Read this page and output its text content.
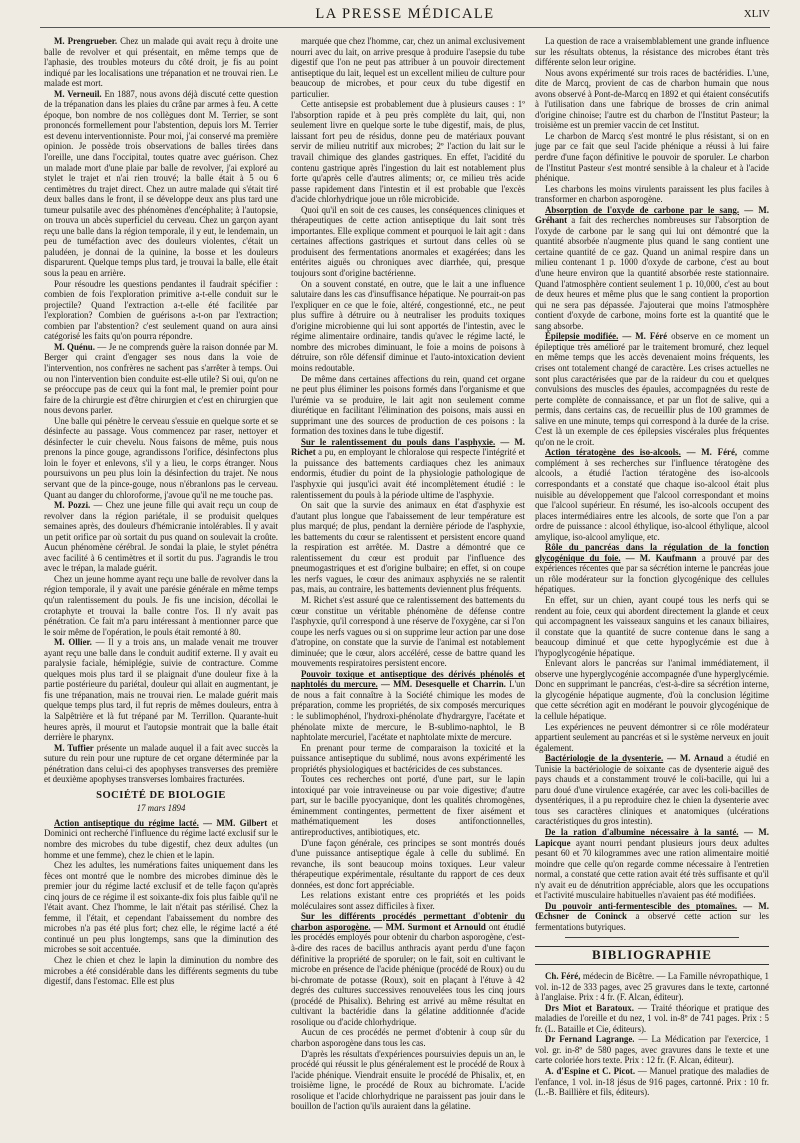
LA PRESSE MÉDICALE	XLIV

M. Prengrueber. Chez un malade qui avait reçu à droite une balle de revolver et qui présentait, en même temps que de l'aphasie, des troubles moteurs du côté droit, je fis au point indiqué par les localisations une trépanation et ne trouvai rien. Le malade est mort.

M. Verneuil. En 1887, nous avons déjà discuté cette question de la trépanation dans les plaies du crâne par armes à feu. A cette époque, bon nombre de nos collègues dont M. Terrier, se sont prononcés formellement pour l'abstention, depuis lors M. Terrier est devenu interventionniste. Pour moi, j'ai conservé ma première opinion. Je possède trois observations de balles tirées dans l'oreille, une dans l'occipital, toutes quatre avec guérison. Chez un malade mort d'une plaie par balle de revolver, j'ai exploré au stylet le trajet et n'ai rien trouvé; la balle était à 5 ou 6 centimètres du trajet direct. Chez un autre malade qui s'était tiré deux balles dans le front, il se développe deux ans plus tard une tumeur pulsatile avec des phénomènes d'encéphalite; à l'autopsie, on trouva un abcès superficiel du cerveau. Chez un garçon ayant reçu une balle dans la région temporale, il y eut, le lendemain, un peu de tuméfaction avec des douleurs violentes, c'était un paludéen, je donnai de la quinine, la bosse et les douleurs disparurent. Quelque temps plus tard, je trouvai la balle, elle était sous la peau en arrière.

Pour résoudre les questions pendantes il faudrait spécifier : combien de fois l'exploration primitive a-t-elle conduit sur le projectile? Quand l'extraction a-t-elle été facilitée par l'exploration? Combien de guérisons a-t-on par l'extraction; combien par l'abstention? c'est seulement quand on aura ainsi catégorisé les faits qu'on pourra répondre.

M. Quénu. — Je ne comprends guère la raison donnée par M. Berger qui craint d'engager ses nous dans la voie de l'intervention, nos confrères ne sachent pas s'arrêter à temps. Oui ou non l'intervention bien conduite est-elle utile? Si oui, qu'on ne se préoccupe pas de ceux qui la font mal, le premier point pour faire de la chirurgie est d'être chirurgien et c'est en chirurgien que nous devons parler.

Une balle qui pénètre le cerveau s'essuie en quelque sorte et se désinfecte au passage. Vous commencez par raser, nettoyer et désinfecter le cuir chevelu. Nous faisons de même, puis nous prenons la pince gouge, agrandissons l'orifice, désinfectons plus loin le foyer et enlevons, s'il y a lieu, le corps étranger. Nous poursuivons un peu plus loin la désinfection du trajet. Ne nous servant que de la pince-gouge, nous n'ébranlons pas le cerveau. Quant au danger du chloroforme, j'avoue qu'il ne me touche pas.

M. Pozzi. — Chez une jeune fille qui avait reçu un coup de revolver dans la région pariétale, il se produisit quelques semaines après, des douleurs d'hémicranie intolérables. Il y avait un petit orifice par où sortait du pus quand on soulevait la croûte. Aucun phénomène cérébral. Je sondai la plaie, le stylet pénétra avec facilité à 6 centimètres et il sortit du pus. J'agrandis le trou avec le trépan, la malade guérit.

Chez un jeune homme ayant reçu une balle de revolver dans la région temporale, il y avait une parésie générale en même temps qu'un ralentissement du pouls. Je fis une incision, décollai le crotaphyte et trouvai la balle contre l'os. Il n'y avait pas pénétration. Ce fait m'a paru intéressant à mentionner parce que le soir même de l'opération, le pouls était remonté à 80.

M. Ollier. — Il y a trois ans, un malade venait me trouver ayant reçu une balle dans le conduit auditif externe. Il y avait eu paralysie faciale, hémiplégie, suivie de contracture. Comme quelques mois plus tard il se plaignait d'une douleur fixe à la partie postérieure du pariétal, douleur qui allait en augmentant, je fis une trépanation, mais ne trouvai rien. Le malade guérit mais quelque temps plus tard, il fut repris de mêmes douleurs, entra à la Salpêtrière et là fut trépané par M. Terrillon. Quarante-huit heures après, il mourut et l'autopsie montrait que la balle était derrière le pharynx.

M. Tuffier présente un malade auquel il a fait avec succès la suture du rein pour une rupture de cet organe déterminée par la pénétration dans celui-ci des apophyses transverses des première et deuxième apophyses transverses lombaires fracturées.

SOCIÉTÉ DE BIOLOGIE
17 mars 1894

Action antiseptique du régime lacté. — MM. Gilbert et Dominici ont recherché l'influence du régime lacté exclusif sur le nombre des microbes du tube digestif, chez deux adultes (un homme et une femme), chez le chien et le lapin.

Chez les adultes, les numérations faites uniquement dans les fèces ont montré que le nombre des microbes diminue dès le premier jour du régime lacté exclusif et de telle façon qu'après cinq jours de ce régime il est soixante-dix fois plus faible qu'il ne l'était avant. Chez l'homme, le lait n'était pas stérilisé. Chez la femme, il l'était, et cependant l'abaissement du nombre des microbes n'a pas été plus fort; chez elle, le régime lacté a été continué un peu plus longtemps, sans que la diminution des microbes se soit accentuée.

Chez le chien et chez le lapin la diminution du nombre des microbes a été considérable dans les différents segments du tube digestif, dans l'estomac. Elle est plus

marquée que chez l'homme, car, chez un animal exclusivement nourri avec du lait, on arrive presque à produire l'asepsie du tube digestif que l'on ne peut pas attribuer à un pouvoir directement antiseptique du lait, lequel est un excellent milieu de culture pour beaucoup de microbes, et pour ceux du tube digestif en particulier.

Cette antisepsie est probablement due à plusieurs causes : 1º l'absorption rapide et à peu près complète du lait, qui, non seulement livre en quelque sorte le tube digestif, mais, de plus, laissant fort peu de résidus, donne peu de matériaux pouvant servir de milieu nutritif aux microbes; 2º l'action du lait sur le travail chimique des glandes gastriques. En effet, l'acidité du contenu gastrique après l'ingestion du lait est notablement plus forte qu'après celle d'autres aliments; or, ce milieu très acide passe rapidement dans l'intestin et il est probable que l'excès d'acide chlorhydrique joue un rôle microbicide.

Quoi qu'il en soit de ces causes, les conséquences cliniques et thérapeutiques de cette action antiseptique du lait sont très importantes. Elle explique comment et pourquoi le lait agit : dans certaines affections gastriques et surtout dans celles où se produisent des fermentations anormales et exagérées; dans les entérites aiguës ou chroniques avec diarrhée, qui, presque toujours sont d'origine bactérienne.

On a souvent constaté, en outre, que le lait a une influence salutaire dans les cas d'insuffisance hépatique. Ne pourrait-on pas l'expliquer en ce que le foie, altéré, congestionné, etc., ne peut plus suffire à détruire ou à neutraliser les produits toxiques d'origine microbienne qui lui sont apportés de l'intestin, avec le régime alimentaire ordinaire, tandis qu'avec le régime lacté, le nombre des microbes diminuant, le foie a moins de poisons à détruire, son rôle défensif diminue et l'auto-intoxication devient moins redoutable.

De même dans certaines affections du rein, quand cet organe ne peut plus éliminer les poisons formés dans l'organisme et que l'urémie va se produire, le lait agit non seulement comme diurétique en facilitant l'élimination des poisons, mais aussi en supprimant une des sources de production de ces poisons : la formation des toxines dans le tube digestif.

Sur le ralentissement du pouls dans l'asphyxie. — M. Richet a pu, en employant le chloralose qui respecte l'intégrité et la puissance des battements cardiaques chez les animaux endormis, étudier du point de la physiologie pathologique de l'asphyxie qui jusqu'ici avait été incomplètement étudié : le ralentissement du pouls à la période ultime de l'asphyxie.

On sait que la survie des animaux en état d'asphyxie est d'autant plus longue que l'abaissement de leur température est plus marqué; de plus, pendant la dernière période de l'asphyxie, les battements du cœur se ralentissent et persistent encore quand la respiration est arrêtée. M. Dastre a démontré que ce ralentissement du cœur est produit par l'influence des pneumogastriques et est d'origine bulbaire; en effet, si on coupe les nerfs vagues, le cœur des animaux asphyxiés ne se ralentit pas, mais, au contraire, les battements deviennent plus fréquents.

M. Richet s'est assuré que ce ralentissement des battements du cœur constitue un véritable phénomène de défense contre l'asphyxie, qu'il correspond à une réserve de l'oxygène, car si l'on coupe les nerfs vagues ou si on supprime leur action par une dose d'atropine, on constate que la survie de l'animal est notablement diminuée; que le cœur, alors accéléré, cesse de battre quand les mouvements respiratoires persistent encore.

Pouvoir toxique et antiseptique des dérivés phénolés et naphtolés du mercure. — MM. Desesquelle et Charrin. L'un de nous a fait connaître à la Société chimique les modes de préparation, comme les propriétés, de six composés mercuriques : le sublimophénol, l'hydroxi-phénolate d'hydrargyre, l'acétate et phénolate mixte de mercure, le B-sublimo-naphtol, le B naphtolate mercuriel, l'acétate et naphtolate mixte de mercure.

En prenant pour terme de comparaison la toxicité et la puissance antiseptique du sublimé, nous avons expérimenté les propriétés physiologiques et bactéricides de ces substances.

Toutes ces recherches ont porté, d'une part, sur le lapin intoxiqué par voie intraveineuse ou par voie digestive; d'autre part, sur le bacille pyocyanique, dont les qualités chromogènes, éminemment contingentes, permettent de fixer aisément et mathématiquement les doses antifonctionnelles, antireproductives, antibiotiques, etc.

D'une façon générale, ces principes se sont montrés doués d'une puissance antiseptique égale à celle du sublimé. En revanche, ils sont beaucoup moins toxiques. Leur valeur thérapeutique expérimentale, résultante du rapport de ces deux données, est donc fort appréciable.

Les relations existant entre ces propriétés et les poids moléculaires sont assez difficiles à fixer.

Sur les différents procédés permettant d'obtenir du charbon asporogène. — MM. Surmont et Arnould ont étudié les procédés employés pour obtenir du charbon asporogène, c'est-à-dire des races de bacillus anthracis ayant perdu d'une façon définitive la propriété de sporuler; on le fait, soit en cultivant le microbe en présence de l'acide phénique (procédé de Roux) ou du bi-chromate de potasse (Roux), soit en plaçant à l'étuve à 42 degrés des cultures successives renouvelées tous les cinq jours (procédé de Phisalix). Behring est arrivé au même résultat en cultivant la bactéridie dans la gélatine additionnée d'acide rosolique ou d'acide chlorhydrique.

Aucun de ces procédés ne permet d'obtenir à coup sûr du charbon asporogène dans tous les cas.

D'après les résultats d'expériences poursuivies depuis un an, le procédé qui réussit le plus généralement est le procédé de Roux à l'acide phénique. Viendrait ensuite le procédé de Phisalix, et, en troisième ligne, le procédé de Roux au bichromate. L'acide rosolique et l'acide chlorhydrique ne paraissent pas jouir dans le bouillon de l'action qu'ils auraient dans la gélatine.

La question de race a vraisemblablement une grande influence sur les résultats obtenus, la résistance des microbes étant très différente selon leur origine.

Nous avons expérimenté sur trois races de bactéridies. L'une, dite de Marcq, provient de cas de charbon humain que nous avons observé à Pont-de-Marcq en 1892 et qui étaient consécutifs à l'utilisation dans une fabrique de brosses de crin animal d'origine chinoise; l'autre est du charbon de l'Institut Pasteur; la troisième est un premier vaccin de cet Institut.

Le charbon de Marcq s'est montré le plus résistant, si on en juge par ce fait que seul l'acide phénique a réussi à lui faire perdre d'une façon définitive le pouvoir de sporuler. Le charbon de l'Institut Pasteur s'est montré sensible à la chaleur et à l'acide phénique.

Les charbons les moins virulents paraissent les plus faciles à transformer en charbon asporogène.

Absorption de l'oxyde de carbone par le sang. — M. Gréhant a fait des recherches nombreuses sur l'absorption de l'oxyde de carbone par le sang qui lui ont démontré que la quantité absorbée n'augmente plus quand le sang contient une certaine quantité de ce gaz. Quand un animal respire dans un milieu contenant 1 p. 1000 d'oxyde de carbone, c'est au bout d'une heure environ que la quantité absorbée reste stationnaire. Quand l'atmosphère contient seulement 1 p. 10,000, c'est au bout de deux heures et même plus que le sang contient la proportion qui ne sera pas dépassée. J'ajouterai que moins l'atmosphère contient d'oxyde de carbone, moins forte est la quantité que le sang absorbe.

Épilepsie modifiée. — M. Féré observe en ce moment un épileptique très amélioré par le traitement bromuré, chez lequel en même temps que les accès devenaient moins fréquents, les crises ont totalement changé de caractère. Les crises actuelles ne sont plus caractérisées que par de la raideur du cou et quelques convulsions des muscles des épaules, accompagnées du reste de perte complète de connaissance, et par un flot de salive, qui a permis, dans certains cas, de recueillir plus de 100 grammes de salive en une minute, temps qui correspond à la durée de la crise. C'est là un exemple de ces épilepsies viscérales plus fréquentes qu'on ne le croit.

Action tératogène des iso-alcools. — M. Féré, comme complément à ses recherches sur l'influence tératogène des alcools, a étudié l'action tératogène des iso-alcools correspondants et a constaté que chaque iso-alcool était plus nuisible au développement que l'alcool correspondant et moins que l'alcool supérieur. En résumé, les iso-alcools occupent des places intermédiaires entre les alcools, de sorte que l'on a par ordre de puissance : alcool éthylique, iso-alcool éthylique, alcool amylique, iso-alcool amylique, etc.

Rôle du pancréas dans la régulation de la fonction glycogénique du foie. — M. Kaufmann a prouvé par des expériences récentes que par sa sécrétion interne le pancréas joue un rôle modérateur sur la fonction glycogénique des cellules hépatiques.

En effet, sur un chien, ayant coupé tous les nerfs qui se rendent au foie, ceux qui abordent directement la glande et ceux qui accompagnent les vaisseaux sanguins et les canaux biliaires, il constate que la quantité de sucre contenue dans le sang a beaucoup diminué et que cette hypoglycémie est due à l'hypoglycogénie hépatique.

Enlevant alors le pancréas sur l'animal immédiatement, il observe une hyperglycogénie accompagnée d'une hyperglycémie. Donc en supprimant le pancréas, c'est-à-dire sa sécrétion interne, la glycogénie hépatique augmente, d'où la conclusion légitime que cette sécrétion agit en modérant le pouvoir glycogénique de la cellule hépatique.

Les expériences ne peuvent démontrer si ce rôle modérateur appartient seulement au pancréas et si le système nerveux en jouit également.

Bactériologie de la dysenterie. — M. Arnaud a étudié en Tunisie la bactériologie de soixante cas de dysenterie aiguë des pays chauds et a constamment trouvé le coli-bacille, qui lui a paru doué d'une virulence exagérée, car avec les coli-bacilles de dysentériques, il a pu reproduire chez le chien la dysenterie avec tous ses caractères cliniques et anatomiques (ulcérations caractéristiques du gros intestin).

De la ration d'albumine nécessaire à la santé. — M. Lapicque ayant nourri pendant plusieurs jours deux adultes pesant 60 et 70 kilogrammes avec une ration alimentaire moitié moindre que celle qu'on regarde comme nécessaire à l'entretien normal, a constaté que cette ration avait été très suffisante et qu'il n'y avait eu de dénutrition appréciable, alors que les occupations et l'activité musculaire habituelles n'avaient pas été modifiées.

Du pouvoir anti-fermentescible des ptomaïnes. — M. Œchsner de Coninck a observé cette action sur les fermentations butyriques.

BIBLIOGRAPHIE

Ch. Féré, médecin de Bicêtre. — La Famille névropathique, 1 vol. in-12 de 333 pages, avec 25 gravures dans le texte, cartonné à l'anglaise. Prix : 4 fr. (F. Alcan, éditeur).

Drs Miot et Baratoux. — Traité théorique et pratique des maladies de l'oreille et du nez, 1 vol. in-8º de 741 pages. Prix : 5 fr. (L. Bataille et Cie, éditeurs).

Dr Fernand Lagrange. — La Médication par l'exercice, 1 vol. gr. in-8º de 580 pages, avec gravures dans le texte et une carte coloriée hors texte. Prix : 12 fr. (F. Alcan, éditeur).

A. d'Espine et C. Picot. — Manuel pratique des maladies de l'enfance, 1 vol. in-18 jésus de 916 pages, cartonné. Prix : 10 fr. (L.-B. Baillière et fils, éditeurs).
